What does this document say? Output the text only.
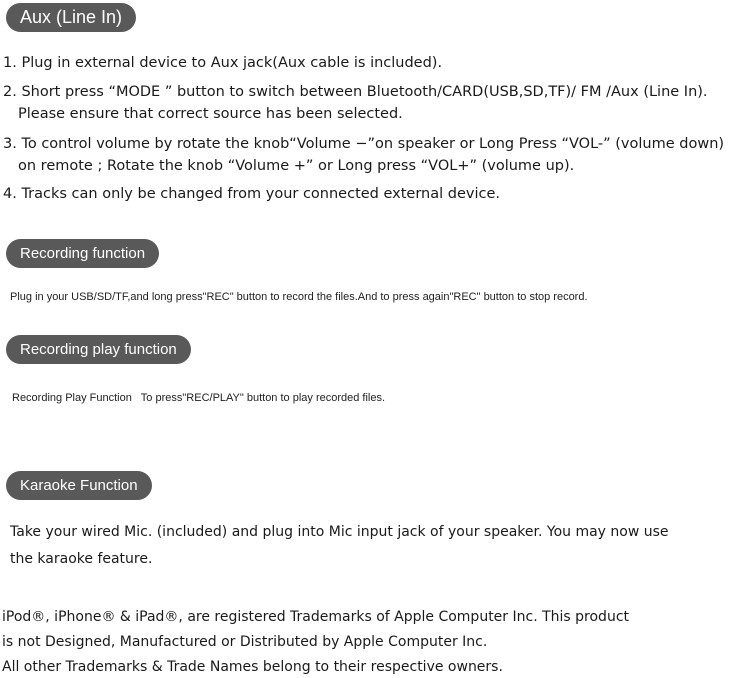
Aux (Line In)
1. Plug in external device to Aux jack(Aux cable is included).
2. Short press “MODE ” button to switch between Bluetooth/CARD(USB,SD,TF)/ FM /Aux (Line In).
Please ensure that correct source has been selected.
3. To control volume by rotate the knob“Volume −”on speaker or Long Press “VOL-” (volume down)
on remote ; Rotate the knob “Volume +” or Long press “VOL+” (volume up).
4. Tracks can only be changed from your connected external device.
Recording function
Plug in your USB/SD/TF,and long press"REC" button to record the files.And to press again"REC" button to stop record.
Recording play function
Recording Play Function   To press"REC/PLAY" button to play recorded files.
Karaoke Function
Take your wired Mic. (included) and plug into Mic input jack of your speaker. You may now use
the karaoke feature.
iPod®, iPhone® & iPad®, are registered Trademarks of Apple Computer Inc. This product
is not Designed, Manufactured or Distributed by Apple Computer Inc.
All other Trademarks & Trade Names belong to their respective owners.
